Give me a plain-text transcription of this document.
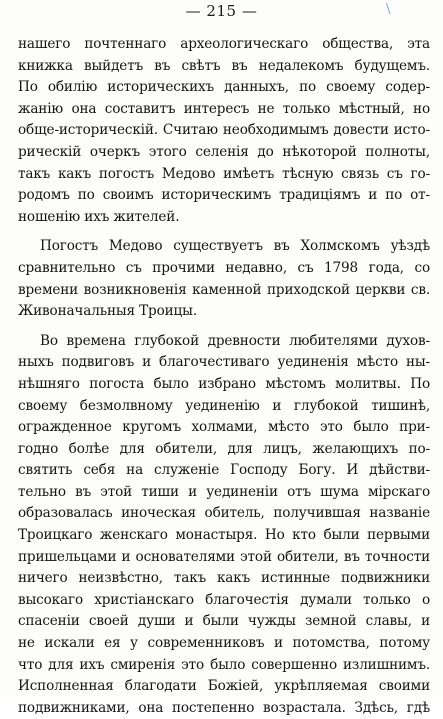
— 215 —	\
нашего почтеннаго археологическаго общества, эта
книжка выйдетъ въ свѣтъ въ недалекомъ будущемъ.
По обилію историческихъ данныхъ, по своему содер-
жанію она составитъ интересъ не только мѣстный, но
обще-историческій. Считаю необходимымъ довести исто-
рическій очеркъ этого селенія до нѣкоторой полноты,
такъ какъ погостъ Медово имѣетъ тѣсную связь съ го-
родомъ по своимъ историческимъ традиціямъ и по от-
ношенію ихъ жителей.
Погостъ Медово существуетъ въ Холмскомъ уѣздѣ
сравнительно съ прочими недавно, съ 1798 года, со
времени возникновенія каменной приходской церкви св.
Живоначальныя Троицы.
Во времена глубокой древности любителями духов-
ныхъ подвиговъ и благочестиваго уединенія мѣсто ны-
нѣшняго погоста было избрано мѣстомъ молитвы. По
своему безмолвному уединенію и глубокой тишинѣ,
огражденное кругомъ холмами, мѣсто это было при-
годно болѣе для обители, для лицъ, желающихъ по-
святить себя на служеніе Господу Богу. И дѣйстви-
тельно въ этой тиши и уединеніи отъ шума мірскаго
образовалась иноческая обитель, получившая названіе
Троицкаго женскаго монастыря. Но кто были первыми
пришельцами и основателями этой обители, въ точности
ничего неизвѣстно, такъ какъ истинные подвижники
высокаго христіанскаго благочестія думали только о
спасеніи своей души и были чужды земной славы, и
не искали ея у современниковъ и потомства, потому
что для ихъ смиренія это было совершенно излишнимъ.
Исполненная благодати Божіей, укрѣпляемая своими
подвижниками, она постепенно возрастала. Здѣсь, гдѣ
